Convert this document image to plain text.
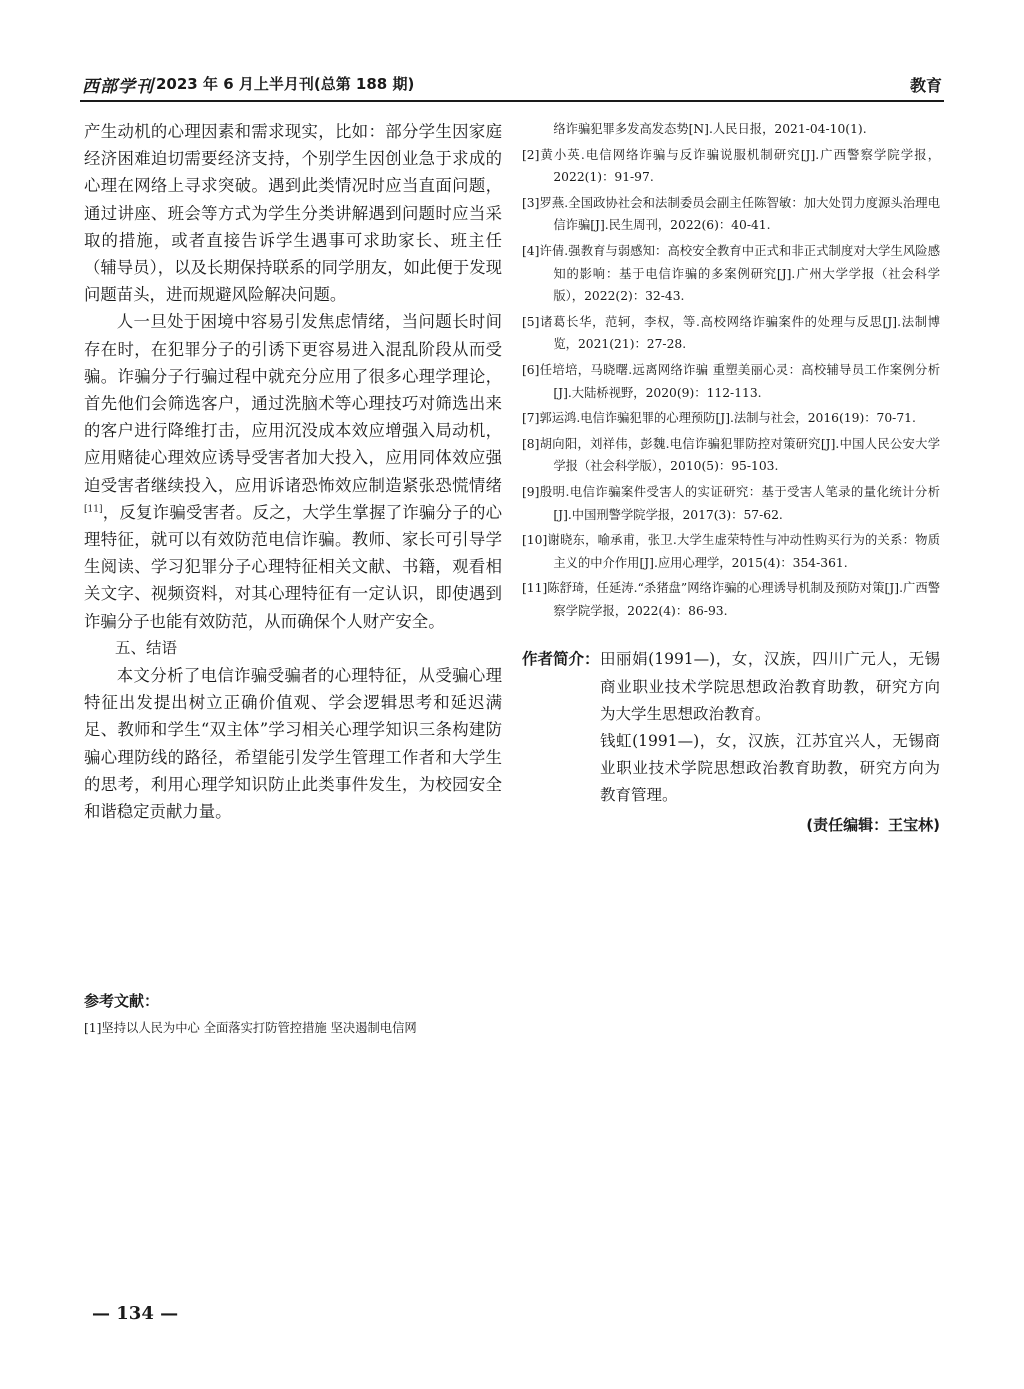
西部学刊 2023 年 6 月上半月刊(总第 188 期)	教育

产生动机的心理因素和需求现实，比如：部分学生因家庭经济困难迫切需要经济支持，个别学生因创业急于求成的心理在网络上寻求突破。遇到此类情况时应当直面问题，通过讲座、班会等方式为学生分类讲解遇到问题时应当采取的措施，或者直接告诉学生遇事可求助家长、班主任（辅导员），以及长期保持联系的同学朋友，如此便于发现问题苗头，进而规避风险解决问题。

人一旦处于困境中容易引发焦虑情绪，当问题长时间存在时，在犯罪分子的引诱下更容易进入混乱阶段从而受骗。诈骗分子行骗过程中就充分应用了很多心理学理论，首先他们会筛选客户，通过洗脑术等心理技巧对筛选出来的客户进行降维打击，应用沉没成本效应增强入局动机，应用赌徒心理效应诱导受害者加大投入，应用同体效应强迫受害者继续投入，应用诉诸恐怖效应制造紧张恐慌情绪[11]，反复诈骗受害者。反之，大学生掌握了诈骗分子的心理特征，就可以有效防范电信诈骗。教师、家长可引导学生阅读、学习犯罪分子心理特征相关文献、书籍，观看相关文字、视频资料，对其心理特征有一定认识，即使遇到诈骗分子也能有效防范，从而确保个人财产安全。

五、结语

本文分析了电信诈骗受骗者的心理特征，从受骗心理特征出发提出树立正确价值观、学会逻辑思考和延迟满足、教师和学生“双主体”学习相关心理学知识三条构建防骗心理防线的路径，希望能引发学生管理工作者和大学生的思考，利用心理学知识防止此类事件发生，为校园安全和谐稳定贡献力量。

参考文献：
[1]坚持以人民为中心 全面落实打防管控措施 坚决遏制电信网
络诈骗犯罪多发高发态势[N].人民日报，2021-04-10(1).
[2]黄小英.电信网络诈骗与反诈骗说服机制研究[J].广西警察学院学报，2022(1)：91-97.
[3]罗燕.全国政协社会和法制委员会副主任陈智敏：加大处罚力度源头治理电信诈骗[J].民生周刊，2022(6)：40-41.
[4]许倩.强教育与弱感知：高校安全教育中正式和非正式制度对大学生风险感知的影响：基于电信诈骗的多案例研究[J].广州大学学报（社会科学版），2022(2)：32-43.
[5]诸葛长华，范轲，李权，等.高校网络诈骗案件的处理与反思[J].法制博览，2021(21)：27-28.
[6]任培培，马晓曙.远离网络诈骗 重塑美丽心灵：高校辅导员工作案例分析[J].大陆桥视野，2020(9)：112-113.
[7]郭运鸿.电信诈骗犯罪的心理预防[J].法制与社会，2016(19)：70-71.
[8]胡向阳，刘祥伟，彭魏.电信诈骗犯罪防控对策研究[J].中国人民公安大学学报（社会科学版），2010(5)：95-103.
[9]殷明.电信诈骗案件受害人的实证研究：基于受害人笔录的量化统计分析[J].中国刑警学院学报，2017(3)：57-62.
[10]谢晓东，喻承甫，张卫.大学生虚荣特性与冲动性购买行为的关系：物质主义的中介作用[J].应用心理学，2015(4)：354-361.
[11]陈舒琦，任延涛.“杀猪盘”网络诈骗的心理诱导机制及预防对策[J].广西警察学院学报，2022(4)：86-93.
作者简介： 田丽娟(1991—)，女，汉族，四川广元人，无锡商业职业技术学院思想政治教育助教，研究方向为大学生思想政治教育。

钱虹(1991—)，女，汉族，江苏宜兴人，无锡商业职业技术学院思想政治教育助教，研究方向为教育管理。

(责任编辑：王宝林)
— 134 —
